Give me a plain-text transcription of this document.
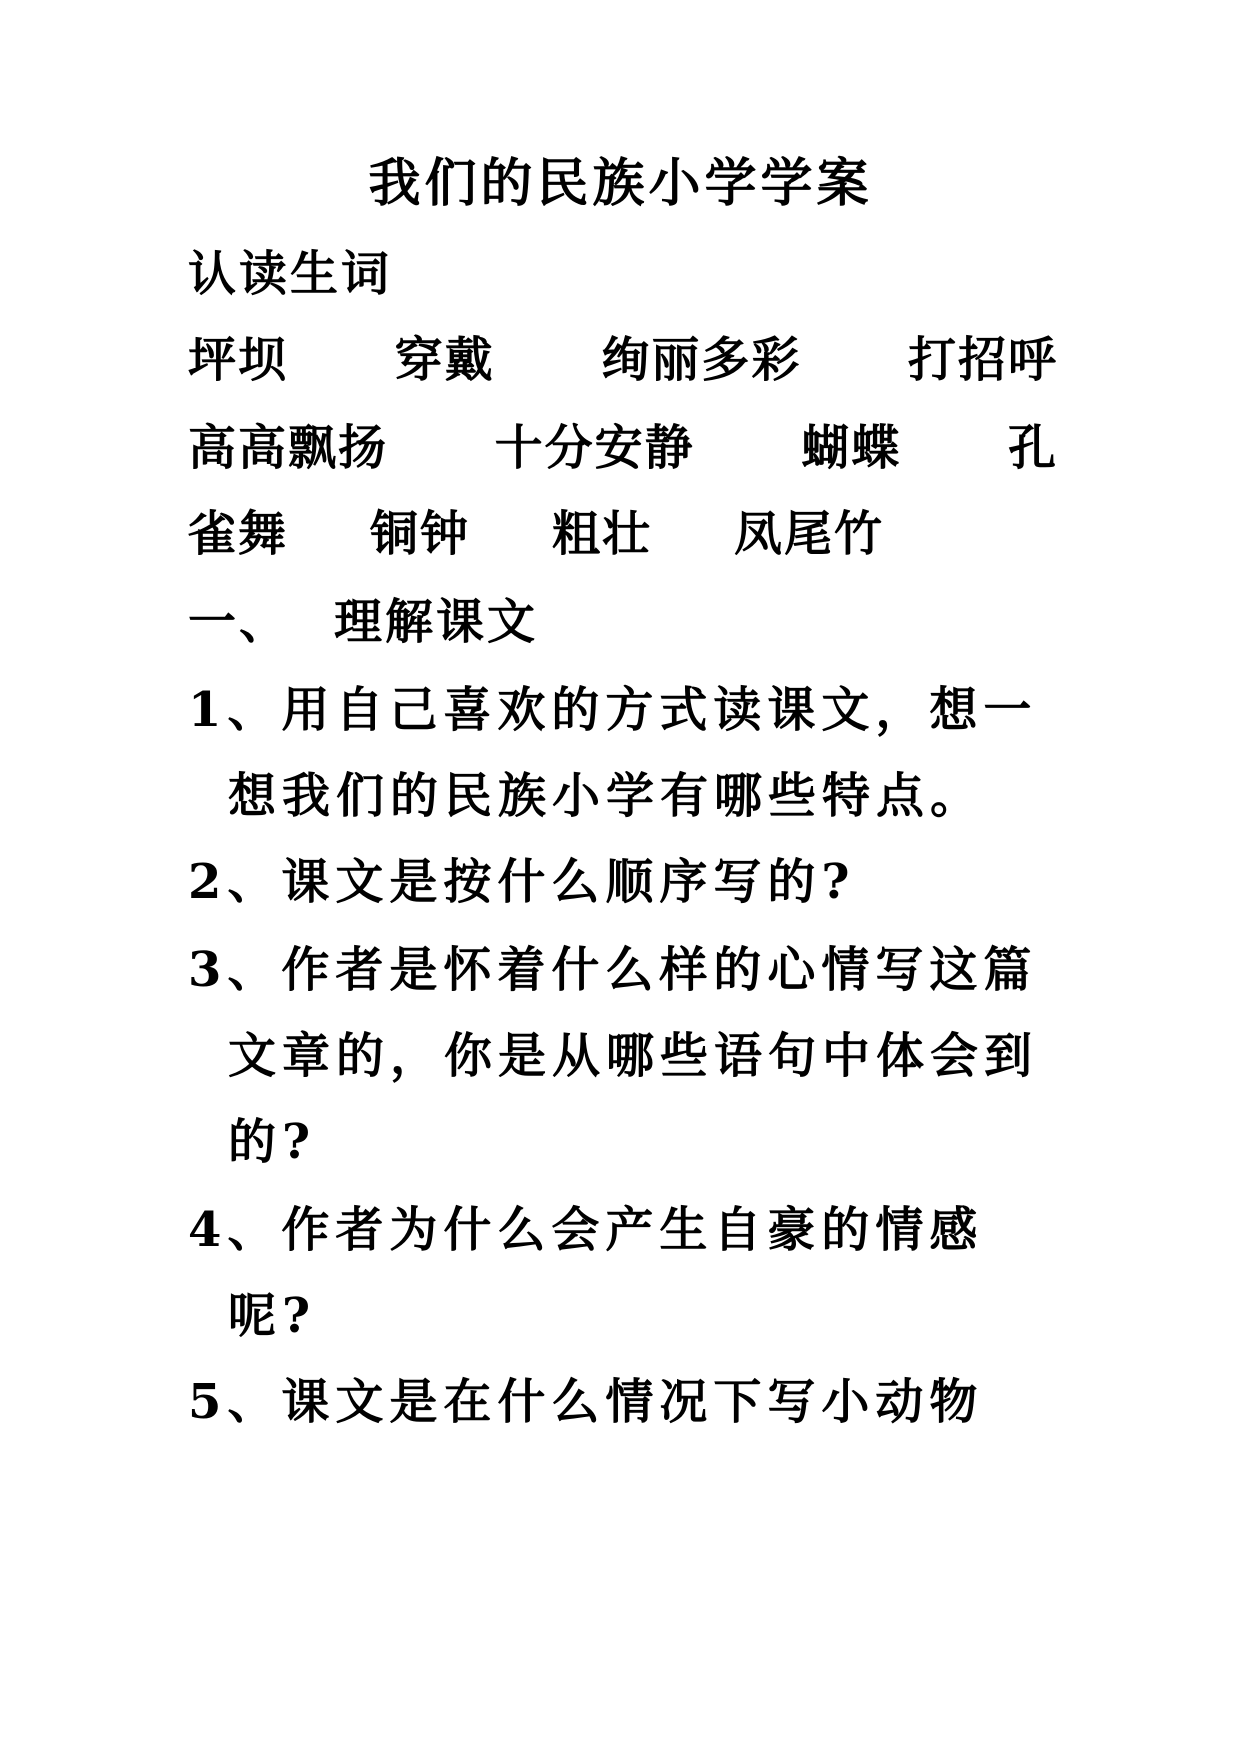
我们的民族小学学案
认读生词
坪坝 穿戴 绚丽多彩 打招呼
高高飘扬 十分安静 蝴蝶 孔
雀舞 铜钟 粗壮 凤尾竹
一、 理解课文
1、用自己喜欢的方式读课文，想一
想我们的民族小学有哪些特点。
2、课文是按什么顺序写的?
3、作者是怀着什么样的心情写这篇
文章的，你是从哪些语句中体会到
的?
4、作者为什么会产生自豪的情感
呢?
5、课文是在什么情况下写小动物
